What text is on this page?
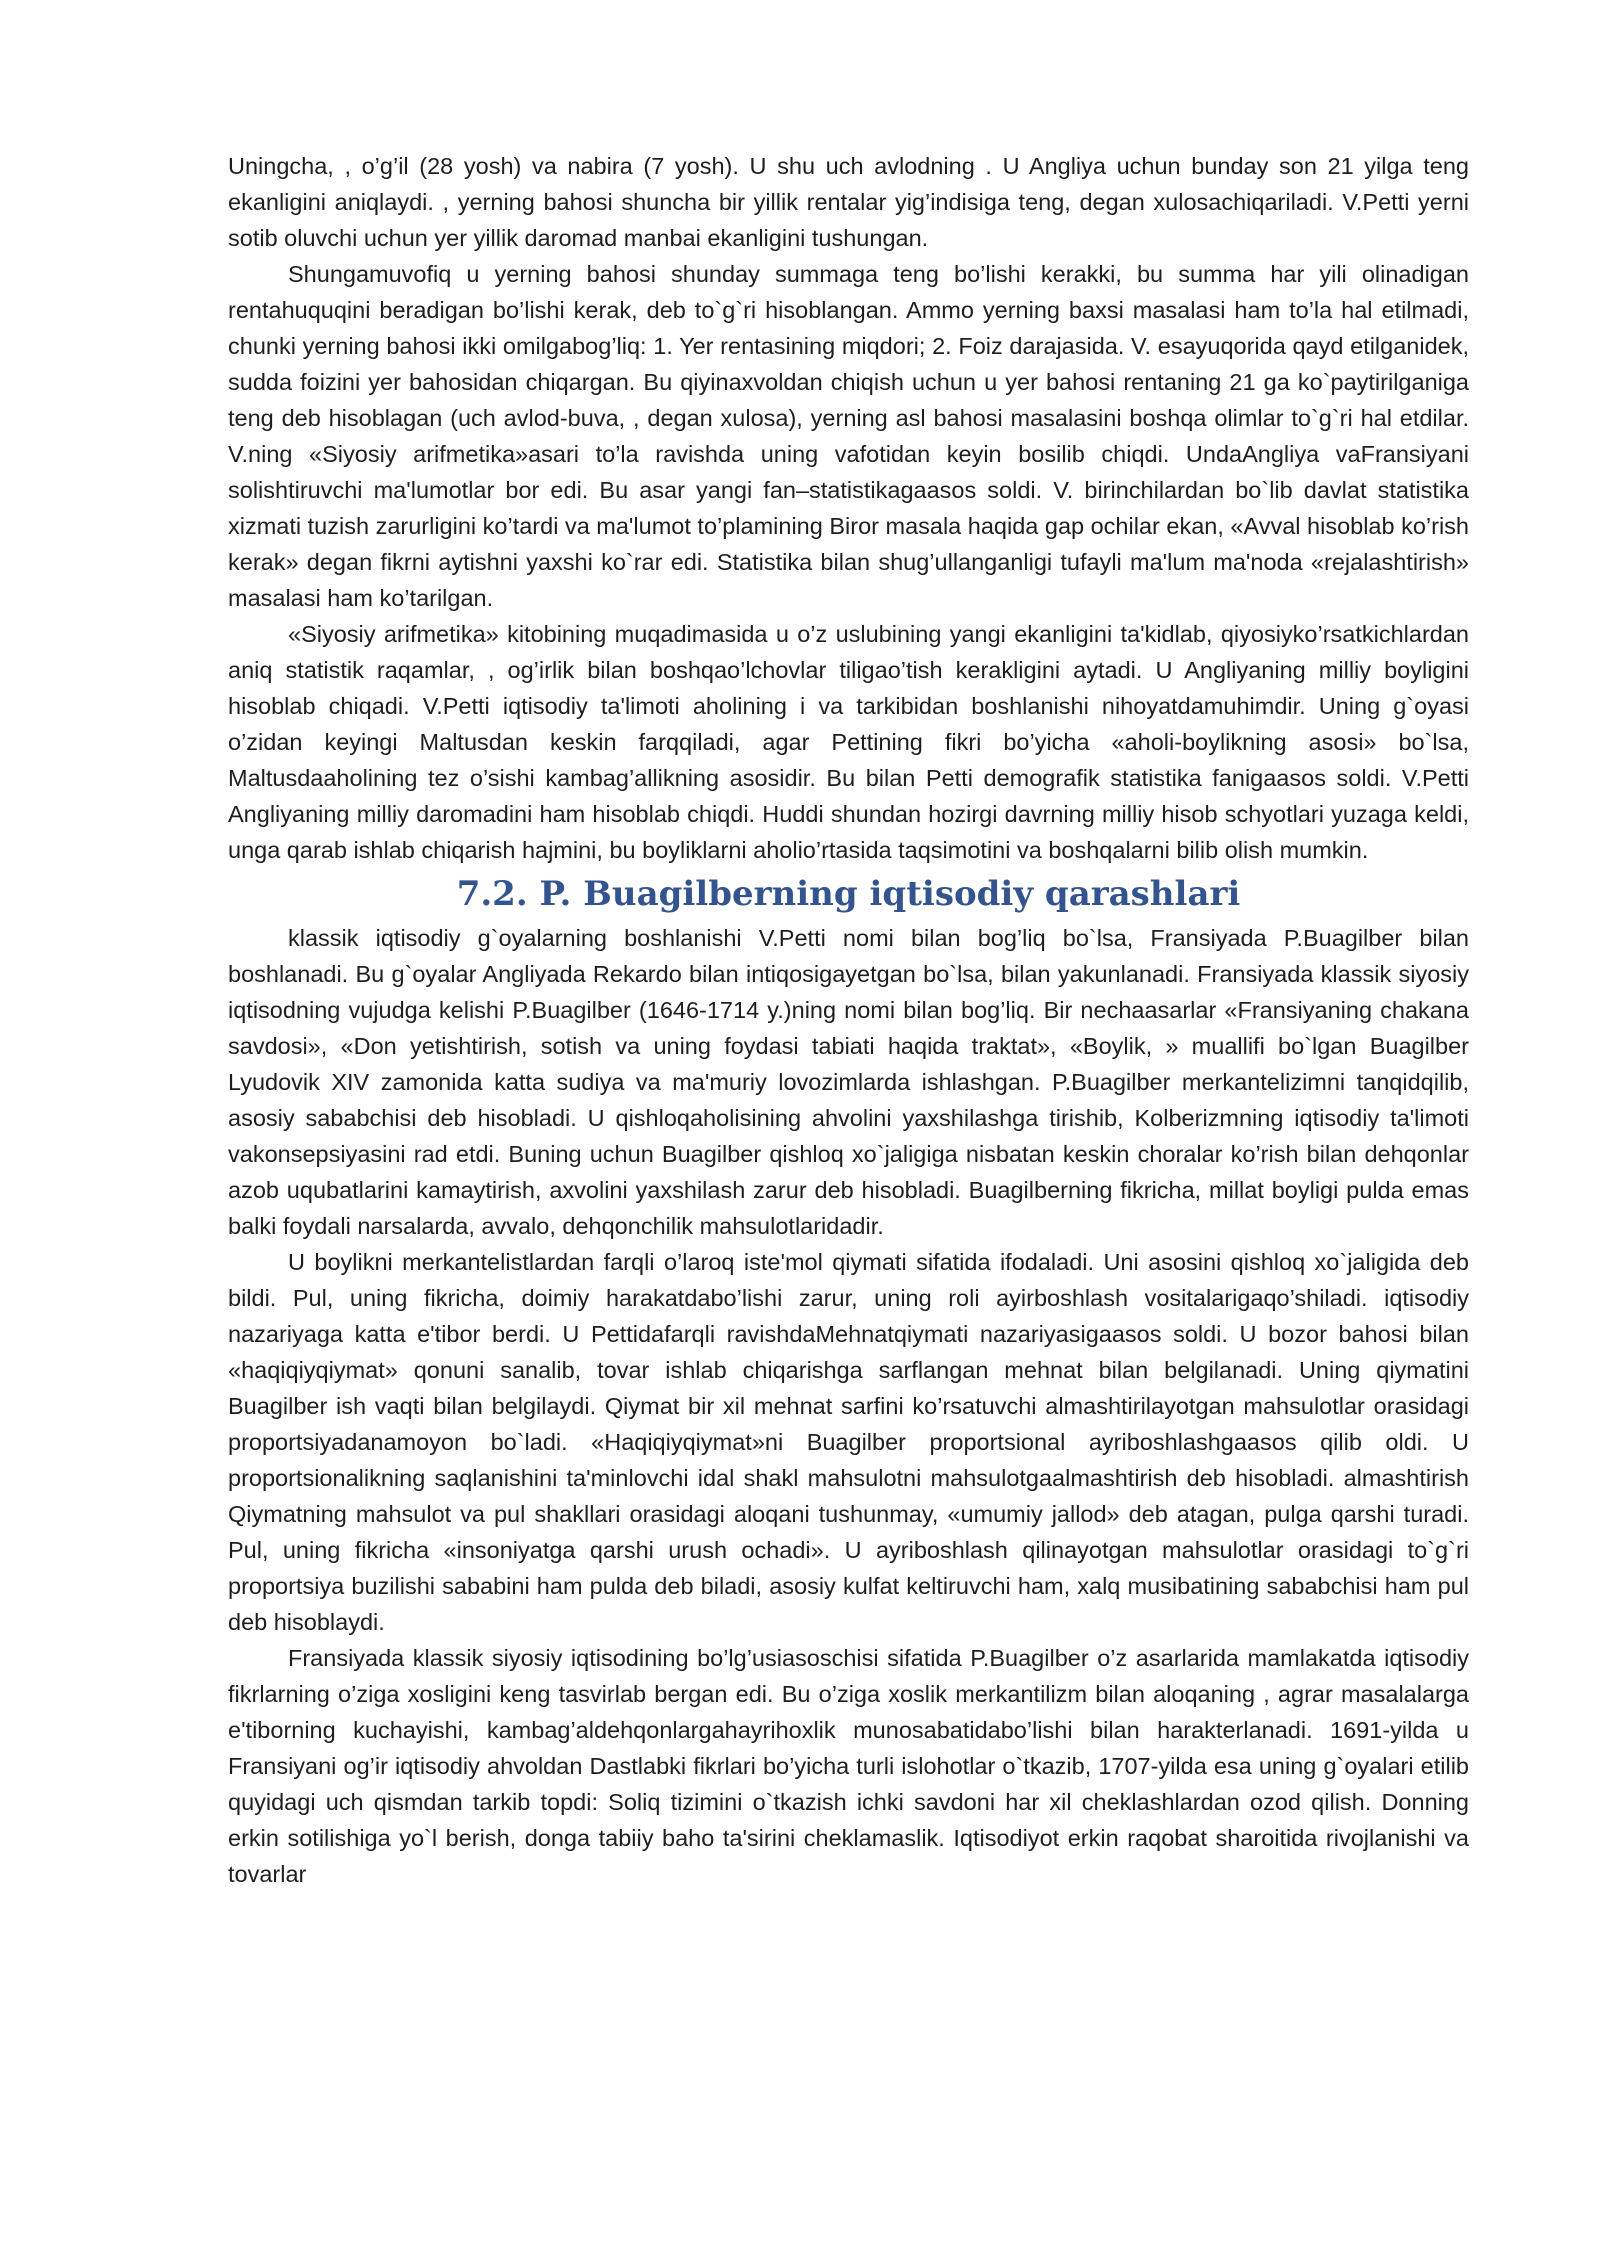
Uningcha, , o’g’il (28 yosh) va nabira (7 yosh). U shu uch avlodning . U Angliya uchun bunday son 21 yilga teng ekanligini aniqlaydi. , yerning bahosi shuncha bir yillik rentalar yig’indisiga teng, degan xulosachiqariladi. V.Petti yerni sotib oluvchi uchun yer yillik daromad manbai ekanligini tushungan.

Shungamuvofiq u yerning bahosi shunday summaga teng bo’lishi kerakki, bu summa har yili olinadigan rentahuquqini beradigan bo’lishi kerak, deb to`g`ri hisoblangan. Ammo yerning baxsi masalasi ham to’la hal etilmadi, chunki yerning bahosi ikki omilgabog’liq: 1. Yer rentasining miqdori; 2. Foiz darajasida. V. esayuqorida qayd etilganidek, sudda foizini yer bahosidan chiqargan. Bu qiyinaxvoldan chiqish uchun u yer bahosi rentaning 21 ga ko`paytirilganiga teng deb hisoblagan (uch avlod-buva, , degan xulosa), yerning asl bahosi masalasini boshqa olimlar to`g`ri hal etdilar. V.ning «Siyosiy arifmetika»asari to’la ravishda uning vafotidan keyin bosilib chiqdi. UndaAngliya vaFransiyani solishtiruvchi ma'lumotlar bor edi. Bu asar yangi fan–statistikagaasos soldi. V. birinchilardan bo`lib davlat statistika xizmati tuzish zarurligini ko’tardi va ma'lumot to’plamining Biror masala haqida gap ochilar ekan, «Avval hisoblab ko’rish kerak» degan fikrni aytishni yaxshi ko`rar edi. Statistika bilan shug’ullanganligi tufayli ma'lum ma'noda «rejalashtirish» masalasi ham ko’tarilgan.

«Siyosiy arifmetika» kitobining muqadimasida u o’z uslubining yangi ekanligini ta'kidlab, qiyosiyko’rsatkichlardan aniq statistik raqamlar, , og’irlik bilan boshqao’lchovlar tiligao’tish kerakligini aytadi. U Angliyaning milliy boyligini hisoblab chiqadi. V.Petti iqtisodiy ta'limoti aholining i va tarkibidan boshlanishi nihoyatdamuhimdir. Uning g`oyasi o’zidan keyingi Maltusdan keskin farqqiladi, agar Pettining fikri bo’yicha «aholi-boylikning asosi» bo`lsa, Maltusdaaholining tez o’sishi kambag’allikning asosidir. Bu bilan Petti demografik statistika fanigaasos soldi. V.Petti Angliyaning milliy daromadini ham hisoblab chiqdi. Huddi shundan hozirgi davrning milliy hisob schyotlari yuzaga keldi, unga qarab ishlab chiqarish hajmini, bu boyliklarni aholio’rtasida taqsimotini va boshqalarni bilib olish mumkin.

7.2. P. Buagilberning iqtisodiy qarashlari

klassik iqtisodiy g`oyalarning boshlanishi V.Petti nomi bilan bog’liq bo`lsa, Fransiyada P.Buagilber bilan boshlanadi. Bu g`oyalar Angliyada Rekardo bilan intiqosigayetgan bo`lsa, bilan yakunlanadi. Fransiyada klassik siyosiy iqtisodning vujudga kelishi P.Buagilber (1646-1714 y.)ning nomi bilan bog’liq. Bir nechaasarlar «Fransiyaning chakana savdosi», «Don yetishtirish, sotish va uning foydasi tabiati haqida traktat», «Boylik, » muallifi bo`lgan Buagilber Lyudovik XIV zamonida katta sudiya va ma'muriy lovozimlarda ishlashgan. P.Buagilber merkantelizimni tanqidqilib, asosiy sababchisi deb hisobladi. U qishloqaholisining ahvolini yaxshilashga tirishib, Kolberizmning iqtisodiy ta'limoti vakonsepsiyasini rad etdi. Buning uchun Buagilber qishloq xo`jaligiga nisbatan keskin choralar ko’rish bilan dehqonlar azob uqubatlarini kamaytirish, axvolini yaxshilash zarur deb hisobladi. Buagilberning fikricha, millat boyligi pulda emas balki foydali narsalarda, avvalo, dehqonchilik mahsulotlaridadir.

U boylikni merkantelistlardan farqli o’laroq iste'mol qiymati sifatida ifodaladi. Uni asosini qishloq xo`jaligida deb bildi. Pul, uning fikricha, doimiy harakatdabo’lishi zarur, uning roli ayirboshlash vositalarigaqo’shiladi. iqtisodiy nazariyaga katta e'tibor berdi. U Pettidafarqli ravishdaMehnatqiymati nazariyasigaasos soldi. U bozor bahosi bilan «haqiqiyqiymat» qonuni sanalib, tovar ishlab chiqarishga sarflangan mehnat bilan belgilanadi. Uning qiymatini Buagilber ish vaqti bilan belgilaydi. Qiymat bir xil mehnat sarfini ko’rsatuvchi almashtirilayotgan mahsulotlar orasidagi proportsiyadanamoyon bo`ladi. «Haqiqiyqiymat»ni Buagilber proportsional ayriboshlashgaasos qilib oldi. U proportsionalikning saqlanishini ta'minlovchi idal shakl mahsulotni mahsulotgaalmashtirish deb hisobladi. almashtirish Qiymatning mahsulot va pul shakllari orasidagi aloqani tushunmay, «umumiy jallod» deb atagan, pulga qarshi turadi. Pul, uning fikricha «insoniyatga qarshi urush ochadi». U ayriboshlash qilinayotgan mahsulotlar orasidagi to`g`ri proportsiya buzilishi sababini ham pulda deb biladi, asosiy kulfat keltiruvchi ham, xalq musibatining sababchisi ham pul deb hisoblaydi.

Fransiyada klassik siyosiy iqtisodining bo’lg’usiasoschisi sifatida P.Buagilber o’z asarlarida mamlakatda iqtisodiy fikrlarning o’ziga xosligini keng tasvirlab bergan edi. Bu o’ziga xoslik merkantilizm bilan aloqaning , agrar masalalarga e'tiborning kuchayishi, kambag’aldehqonlargahayrihoxlik munosabatidabo’lishi bilan harakterlanadi. 1691-yilda u Fransiyani og’ir iqtisodiy ahvoldan Dastlabki fikrlari bo’yicha turli islohotlar o`tkazib, 1707-yilda esa uning g`oyalari etilib quyidagi uch qismdan tarkib topdi: Soliq tizimini o`tkazish ichki savdoni har xil cheklashlardan ozod qilish. Donning erkin sotilishiga yo`l berish, donga tabiiy baho ta'sirini cheklamaslik. Iqtisodiyot erkin raqobat sharoitida rivojlanishi va tovarlar
